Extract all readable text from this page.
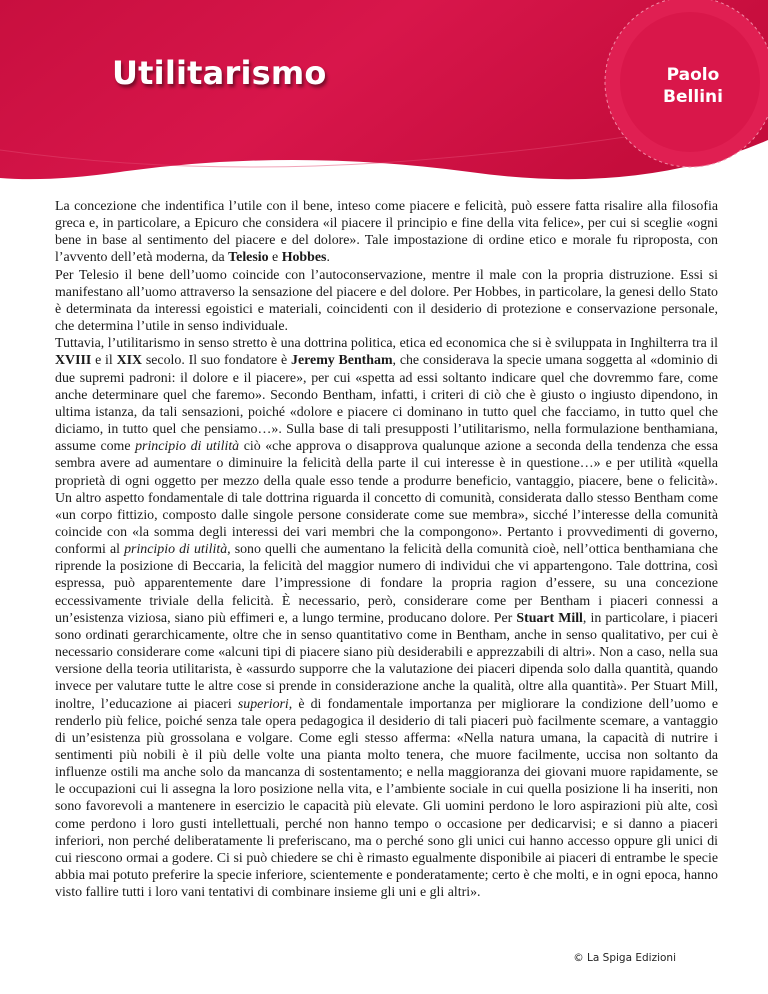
Utilitarismo	Paolo
Bellini

La concezione che indentifica l’utile con il bene, inteso come piacere e felicità, può essere fatta risalire alla filosofia greca e, in particolare, a Epicuro che considera «il piacere il principio e fine della vita felice», per cui si sceglie «ogni bene in base al sentimento del piacere e del dolore». Tale impostazione di ordine etico e morale fu riproposta, con l’avvento dell’età moderna, da Telesio e Hobbes.

Per Telesio il bene dell’uomo coincide con l’autoconservazione, mentre il male con la propria distruzione. Essi si manifestano all’uomo attraverso la sensazione del piacere e del dolore. Per Hobbes, in particolare, la genesi dello Stato è determinata da interessi egoistici e materiali, coincidenti con il desiderio di protezione e conservazione personale, che determina l’utile in senso individuale.

Tuttavia, l’utilitarismo in senso stretto è una dottrina politica, etica ed economica che si è sviluppata in Inghilterra tra il XVIII e il XIX secolo. Il suo fondatore è Jeremy Bentham, che considerava la specie umana soggetta al «dominio di due supremi padroni: il dolore e il piacere», per cui «spetta ad essi soltanto indicare quel che dovremmo fare, come anche determinare quel che faremo». Secondo Bentham, infatti, i criteri di ciò che è giusto o ingiusto dipendono, in ultima istanza, da tali sensazioni, poiché «dolore e piacere ci dominano in tutto quel che facciamo, in tutto quel che diciamo, in tutto quel che pensiamo…». Sulla base di tali presupposti l’utilitarismo, nella formulazione benthamiana, assume come principio di utilità ciò «che approva o disapprova qualunque azione a seconda della tendenza che essa sembra avere ad aumentare o diminuire la felicità della parte il cui interesse è in questione…» e per utilità «quella proprietà di ogni oggetto per mezzo della quale esso tende a produrre beneficio, vantaggio, piacere, bene o felicità». Un altro aspetto fondamentale di tale dottrina riguarda il concetto di comunità, considerata dallo stesso Bentham come «un corpo fittizio, composto dalle singole persone considerate come sue membra», sicché l’interesse della comunità coincide con «la somma degli interessi dei vari membri che la compongono». Pertanto i provvedimenti di governo, conformi al principio di utilità, sono quelli che aumentano la felicità della comunità cioè, nell’ottica benthamiana che riprende la posizione di Beccaria, la felicità del maggior numero di individui che vi appartengono. Tale dottrina, così espressa, può apparentemente dare l’impressione di fondare la propria ragion d’essere, su una concezione eccessivamente triviale della felicità. È necessario, però, considerare come per Bentham i piaceri connessi a un’esistenza viziosa, siano più effimeri e, a lungo termine, producano dolore. Per Stuart Mill, in particolare, i piaceri sono ordinati gerarchicamente, oltre che in senso quantitativo come in Bentham, anche in senso qualitativo, per cui è necessario considerare come «alcuni tipi di piacere siano più desiderabili e apprezzabili di altri». Non a caso, nella sua versione della teoria utilitarista, è «assurdo supporre che la valutazione dei piaceri dipenda solo dalla quantità, quando invece per valutare tutte le altre cose si prende in considerazione anche la qualità, oltre alla quantità». Per Stuart Mill, inoltre, l’educazione ai piaceri superiori, è di fondamentale importanza per migliorare la condizione dell’uomo e renderlo più felice, poiché senza tale opera pedagogica il desiderio di tali piaceri può facilmente scemare, a vantaggio di un’esistenza più grossolana e volgare. Come egli stesso afferma: «Nella natura umana, la capacità di nutrire i sentimenti più nobili è il più delle volte una pianta molto tenera, che muore facilmente, uccisa non soltanto da influenze ostili ma anche solo da mancanza di sostentamento; e nella maggioranza dei giovani muore rapidamente, se le occupazioni cui li assegna la loro posizione nella vita, e l’ambiente sociale in cui quella posizione li ha inseriti, non sono favorevoli a mantenere in esercizio le capacità più elevate. Gli uomini perdono le loro aspirazioni più alte, così come perdono i loro gusti intellettuali, perché non hanno tempo o occasione per dedicarvisi; e si danno a piaceri inferiori, non perché deliberatamente li preferiscano, ma o perché sono gli unici cui hanno accesso oppure gli unici di cui riescono ormai a godere. Ci si può chiedere se chi è rimasto egualmente disponibile ai piaceri di entrambe le specie abbia mai potuto preferire la specie inferiore, scientemente e ponderatamente; certo è che molti, e in ogni epoca, hanno visto fallire tutti i loro vani tentativi di combinare insieme gli uni e gli altri».

© La Spiga Edizioni
